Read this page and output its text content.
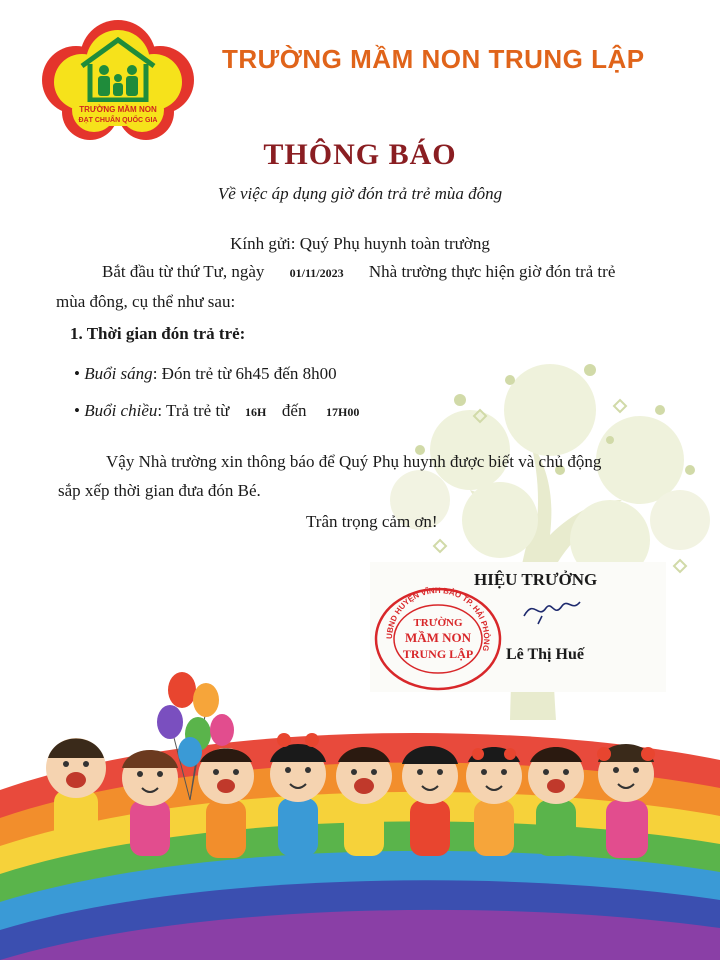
TRƯỜNG MẦM NON
ĐẠT CHUẨN QUỐC GIA
TRƯỜNG MẦM NON TRUNG LẬP
THÔNG BÁO
Về việc áp dụng giờ đón trả trẻ mùa đông
Kính gửi: Quý Phụ huynh toàn trường
Bắt đầu từ thứ Tư, ngày 01/11/2023 Nhà trường thực hiện giờ đón trả trẻ
mùa đông, cụ thể như sau:
1. Thời gian đón trả trẻ:
• Buổi sáng: Đón trẻ từ 6h45 đến 8h00
• Buổi chiều: Trả trẻ từ 16H đến 17H00
Vậy Nhà trường xin thông báo để Quý Phụ huynh được biết và chủ động
sắp xếp thời gian đưa đón Bé.
Trân trọng cảm ơn!
HIỆU TRƯỞNG
Lê Thị Huế
UBND HUYỆN VĨNH BẢO TP. HẢI PHÒNG
TRƯỜNG
MẦM NON
TRUNG LẬP
